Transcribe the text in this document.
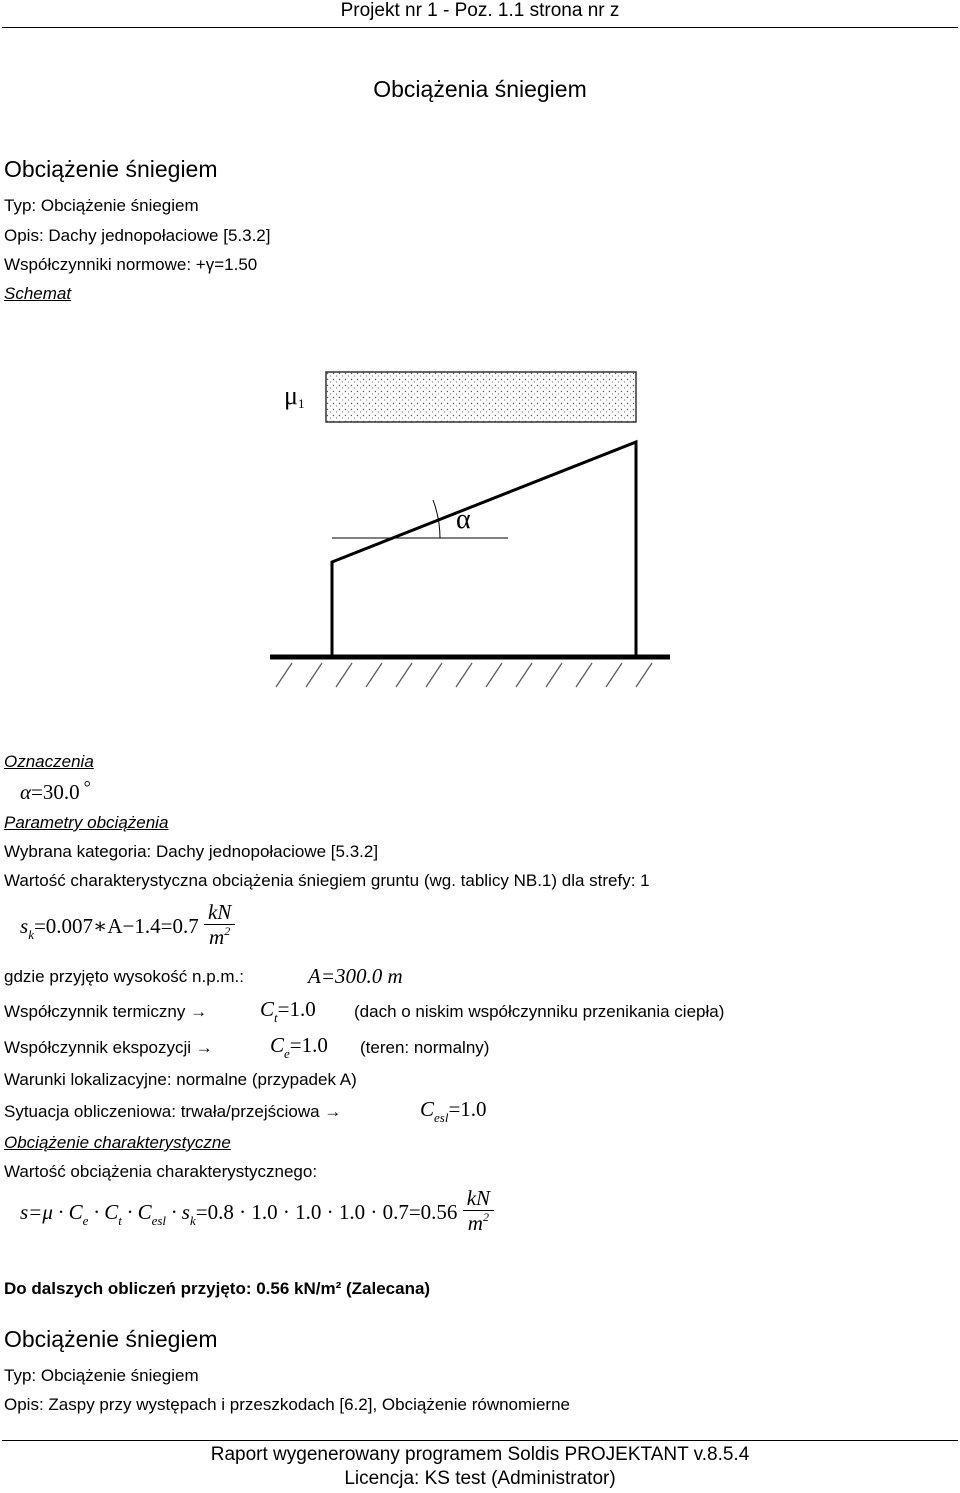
Projekt nr 1 - Poz. 1.1 strona nr z
Obciążenia śniegiem
Obciążenie śniegiem
Typ: Obciążenie śniegiem
Opis: Dachy jednopołaciowe [5.3.2]
Współczynniki normowe: +γ=1.50
Schemat
μ1
α
Oznaczenia
α=30.0 °
Parametry obciążenia
Wybrana kategoria: Dachy jednopołaciowe [5.3.2]
Wartość charakterystyczna obciążenia śniegiem gruntu (wg. tablicy NB.1) dla strefy: 1
$s_k=0.007∗A-1.4=0.7 \frac{kN}{m^2}$
gdzie przyjęto wysokość n.p.m.:	A=300.0 m
Współczynnik termiczny →	$C_t=1.0$ (dach o niskim współczynniku przenikania ciepła)
Współczynnik ekspozycji →	$C_e=1.0$ (teren: normalny)
Warunki lokalizacyjne: normalne (przypadek A)
Sytuacja obliczeniowa: trwała/przejściowa →	$C_{esl}=1.0$
Obciążenie charakterystyczne
Wartość obciążenia charakterystycznego:
$s=\mu \cdot C_e \cdot C_t \cdot C_{esl} \cdot s_k=0.8 \cdot 1.0 \cdot 1.0 \cdot 1.0 \cdot 0.7=0.56 \frac{kN}{m^2}$
Do dalszych obliczeń przyjęto: 0.56 kN/m² (Zalecana)
Obciążenie śniegiem
Typ: Obciążenie śniegiem
Opis: Zaspy przy występach i przeszkodach [6.2], Obciążenie równomierne
Raport wygenerowany programem Soldis PROJEKTANT v.8.5.4
Licencja: KS test (Administrator)
